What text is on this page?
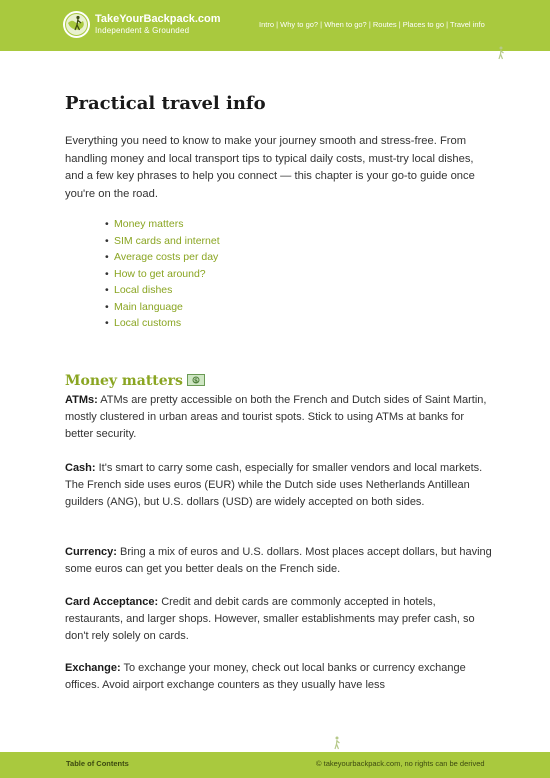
TakeYourBackpack.com
Independent & Grounded
Intro | Why to go? | When to go? | Routes | Places to go | Travel info
Practical travel info

Everything you need to know to make your journey smooth and stress-free. From handling money and local transport tips to typical daily costs, must-try local dishes, and a few key phrases to help you connect — this chapter is your go-to guide once you're on the road.

• Money matters
• SIM cards and internet
• Average costs per day
• How to get around?
• Local dishes
• Main language
• Local customs
Money matters $

ATMs: ATMs are pretty accessible on both the French and Dutch sides of Saint Martin, mostly clustered in urban areas and tourist spots. Stick to using ATMs at banks for better security.

Cash: It's smart to carry some cash, especially for smaller vendors and local markets. The French side uses euros (EUR) while the Dutch side uses Netherlands Antillean guilders (ANG), but U.S. dollars (USD) are widely accepted on both sides.

Currency: Bring a mix of euros and U.S. dollars. Most places accept dollars, but having some euros can get you better deals on the French side.

Card Acceptance: Credit and debit cards are commonly accepted in hotels, restaurants, and larger shops. However, smaller establishments may prefer cash, so don't rely solely on cards.

Exchange: To exchange your money, check out local banks or currency exchange offices. Avoid airport exchange counters as they usually have less

Table of Contents	© takeyourbackpack.com, no rights can be derived
